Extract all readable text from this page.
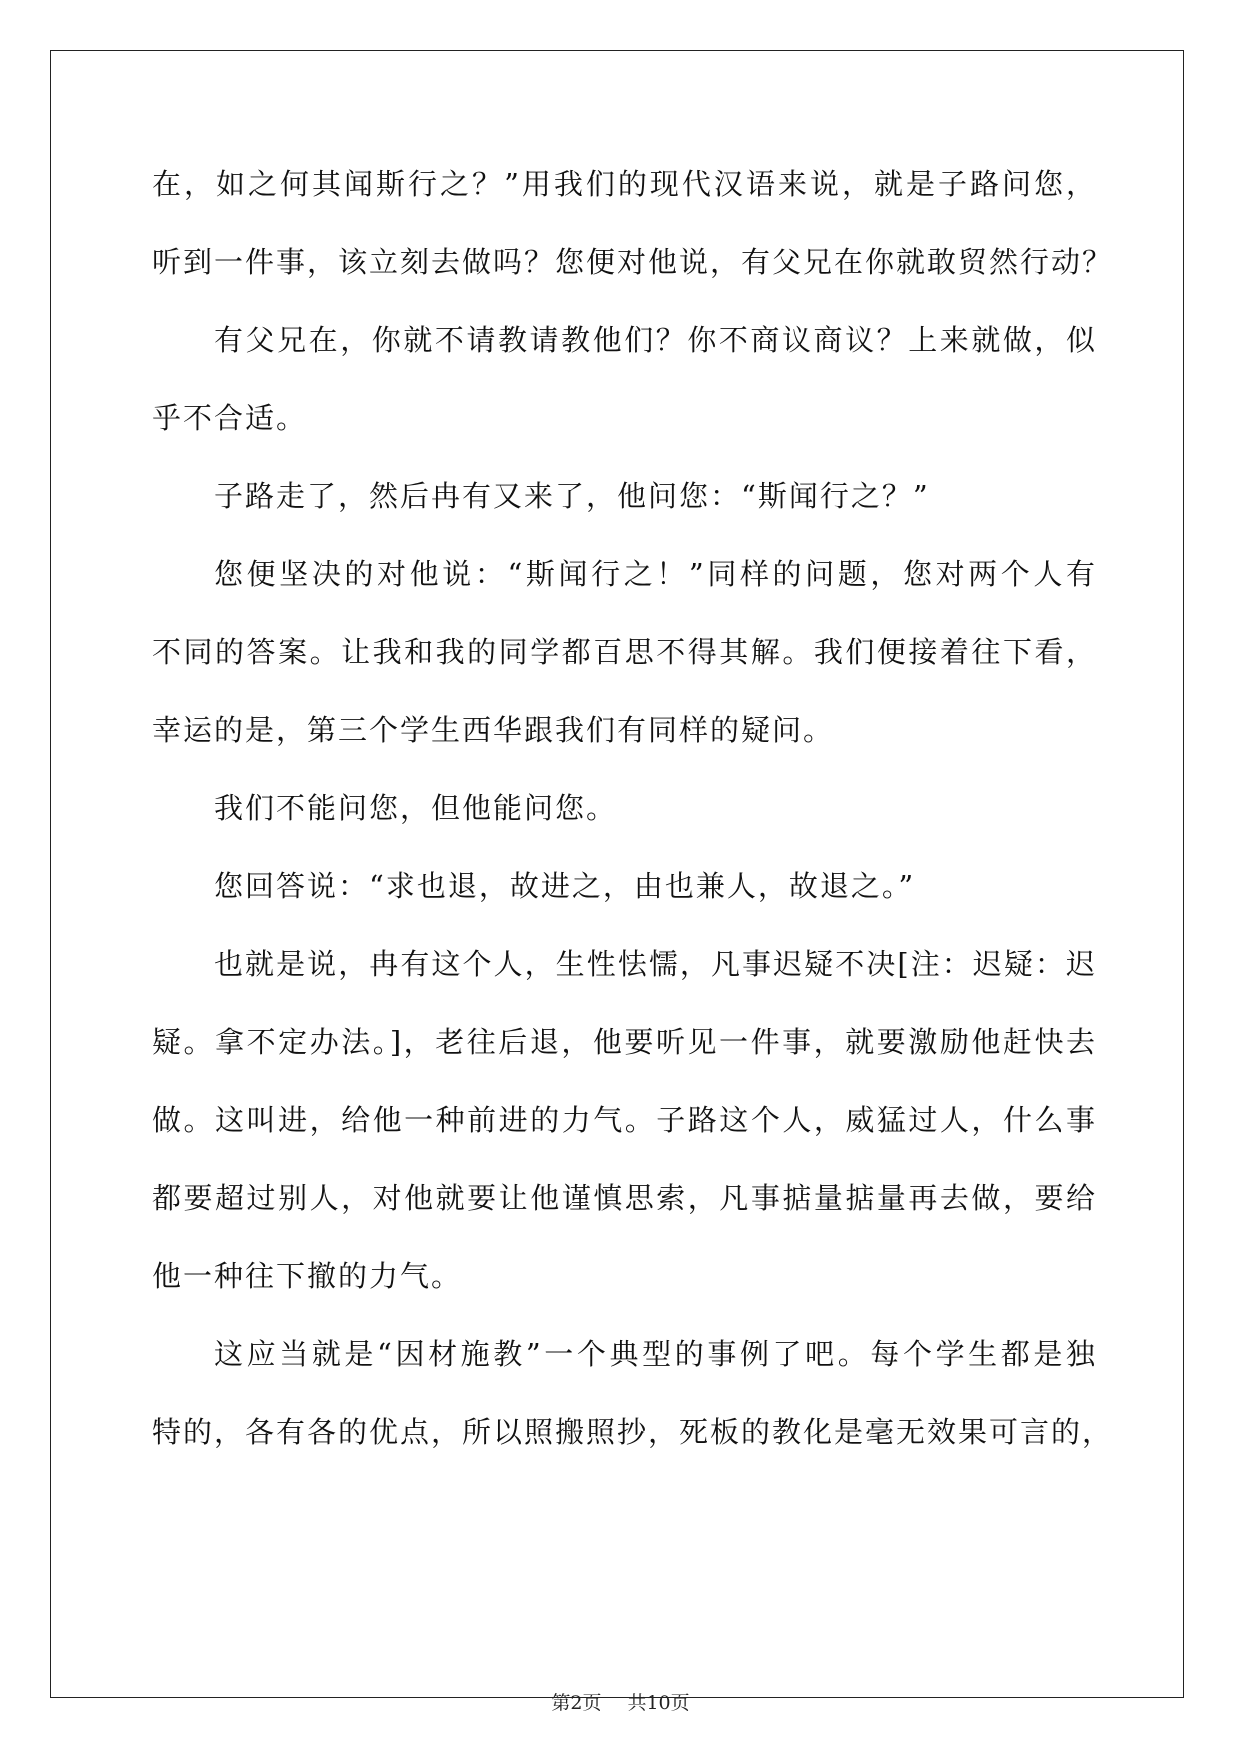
在，如之何其闻斯行之？”用我们的现代汉语来说，就是子路问您，
听到一件事，该立刻去做吗？您便对他说，有父兄在你就敢贸然行动？
有父兄在，你就不请教请教他们？你不商议商议？上来就做，似
乎不合适。
子路走了，然后冉有又来了，他问您：“斯闻行之？”
您便坚决的对他说：“斯闻行之！”同样的问题，您对两个人有
不同的答案。让我和我的同学都百思不得其解。我们便接着往下看，
幸运的是，第三个学生西华跟我们有同样的疑问。
我们不能问您，但他能问您。
您回答说：“求也退，故进之，由也兼人，故退之。”
也就是说，冉有这个人，生性怯懦，凡事迟疑不决[注：迟疑：迟
疑。拿不定办法。]，老往后退，他要听见一件事，就要激励他赶快去
做。这叫进，给他一种前进的力气。子路这个人，威猛过人，什么事
都要超过别人，对他就要让他谨慎思索，凡事掂量掂量再去做，要给
他一种往下撤的力气。
这应当就是“因材施教”一个典型的事例了吧。每个学生都是独
特的，各有各的优点，所以照搬照抄，死板的教化是毫无效果可言的，
第2页 共10页
